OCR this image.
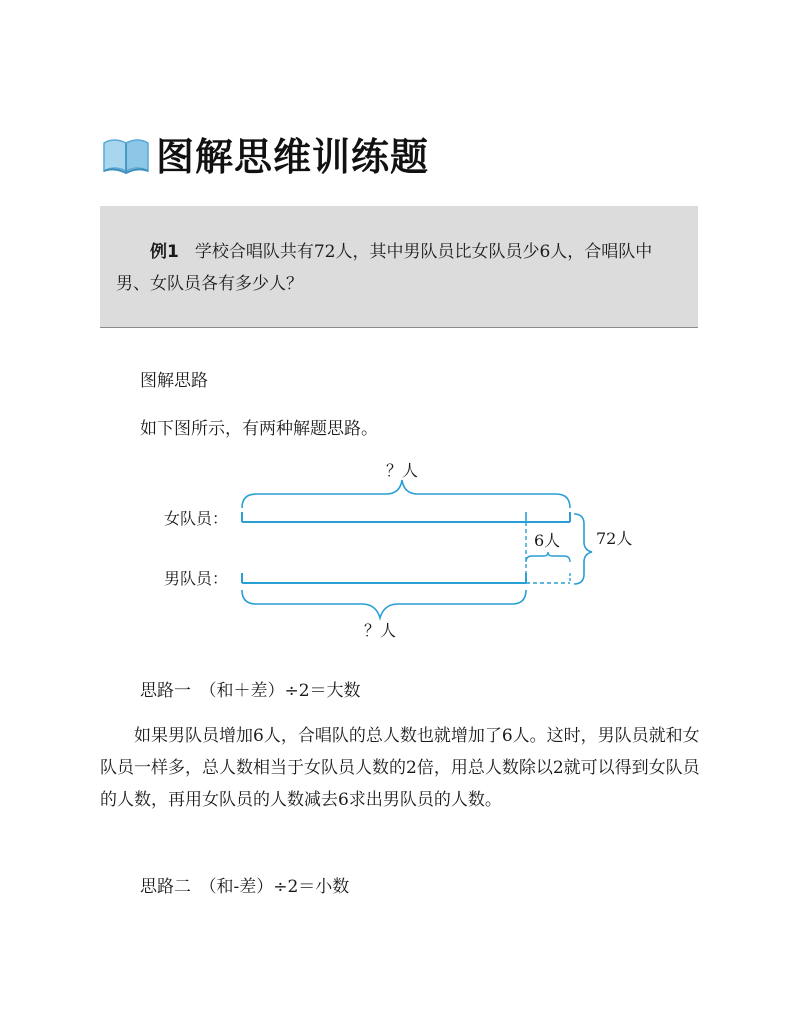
图解思维训练题
例1 学校合唱队共有72人，其中男队员比女队员少6人，合唱队中男、女队员各有多少人？
图解思路
如下图所示，有两种解题思路。
？人
女队员：
6人
男队员：
72人
？人
思路一　（和＋差）÷2＝大数
如果男队员增加6人，合唱队的总人数也就增加了6人。这时，男队员就和女队员一样多，总人数相当于女队员人数的2倍，用总人数除以2就可以得到女队员的人数，再用女队员的人数减去6求出男队员的人数。
思路二　（和-差）÷2＝小数
